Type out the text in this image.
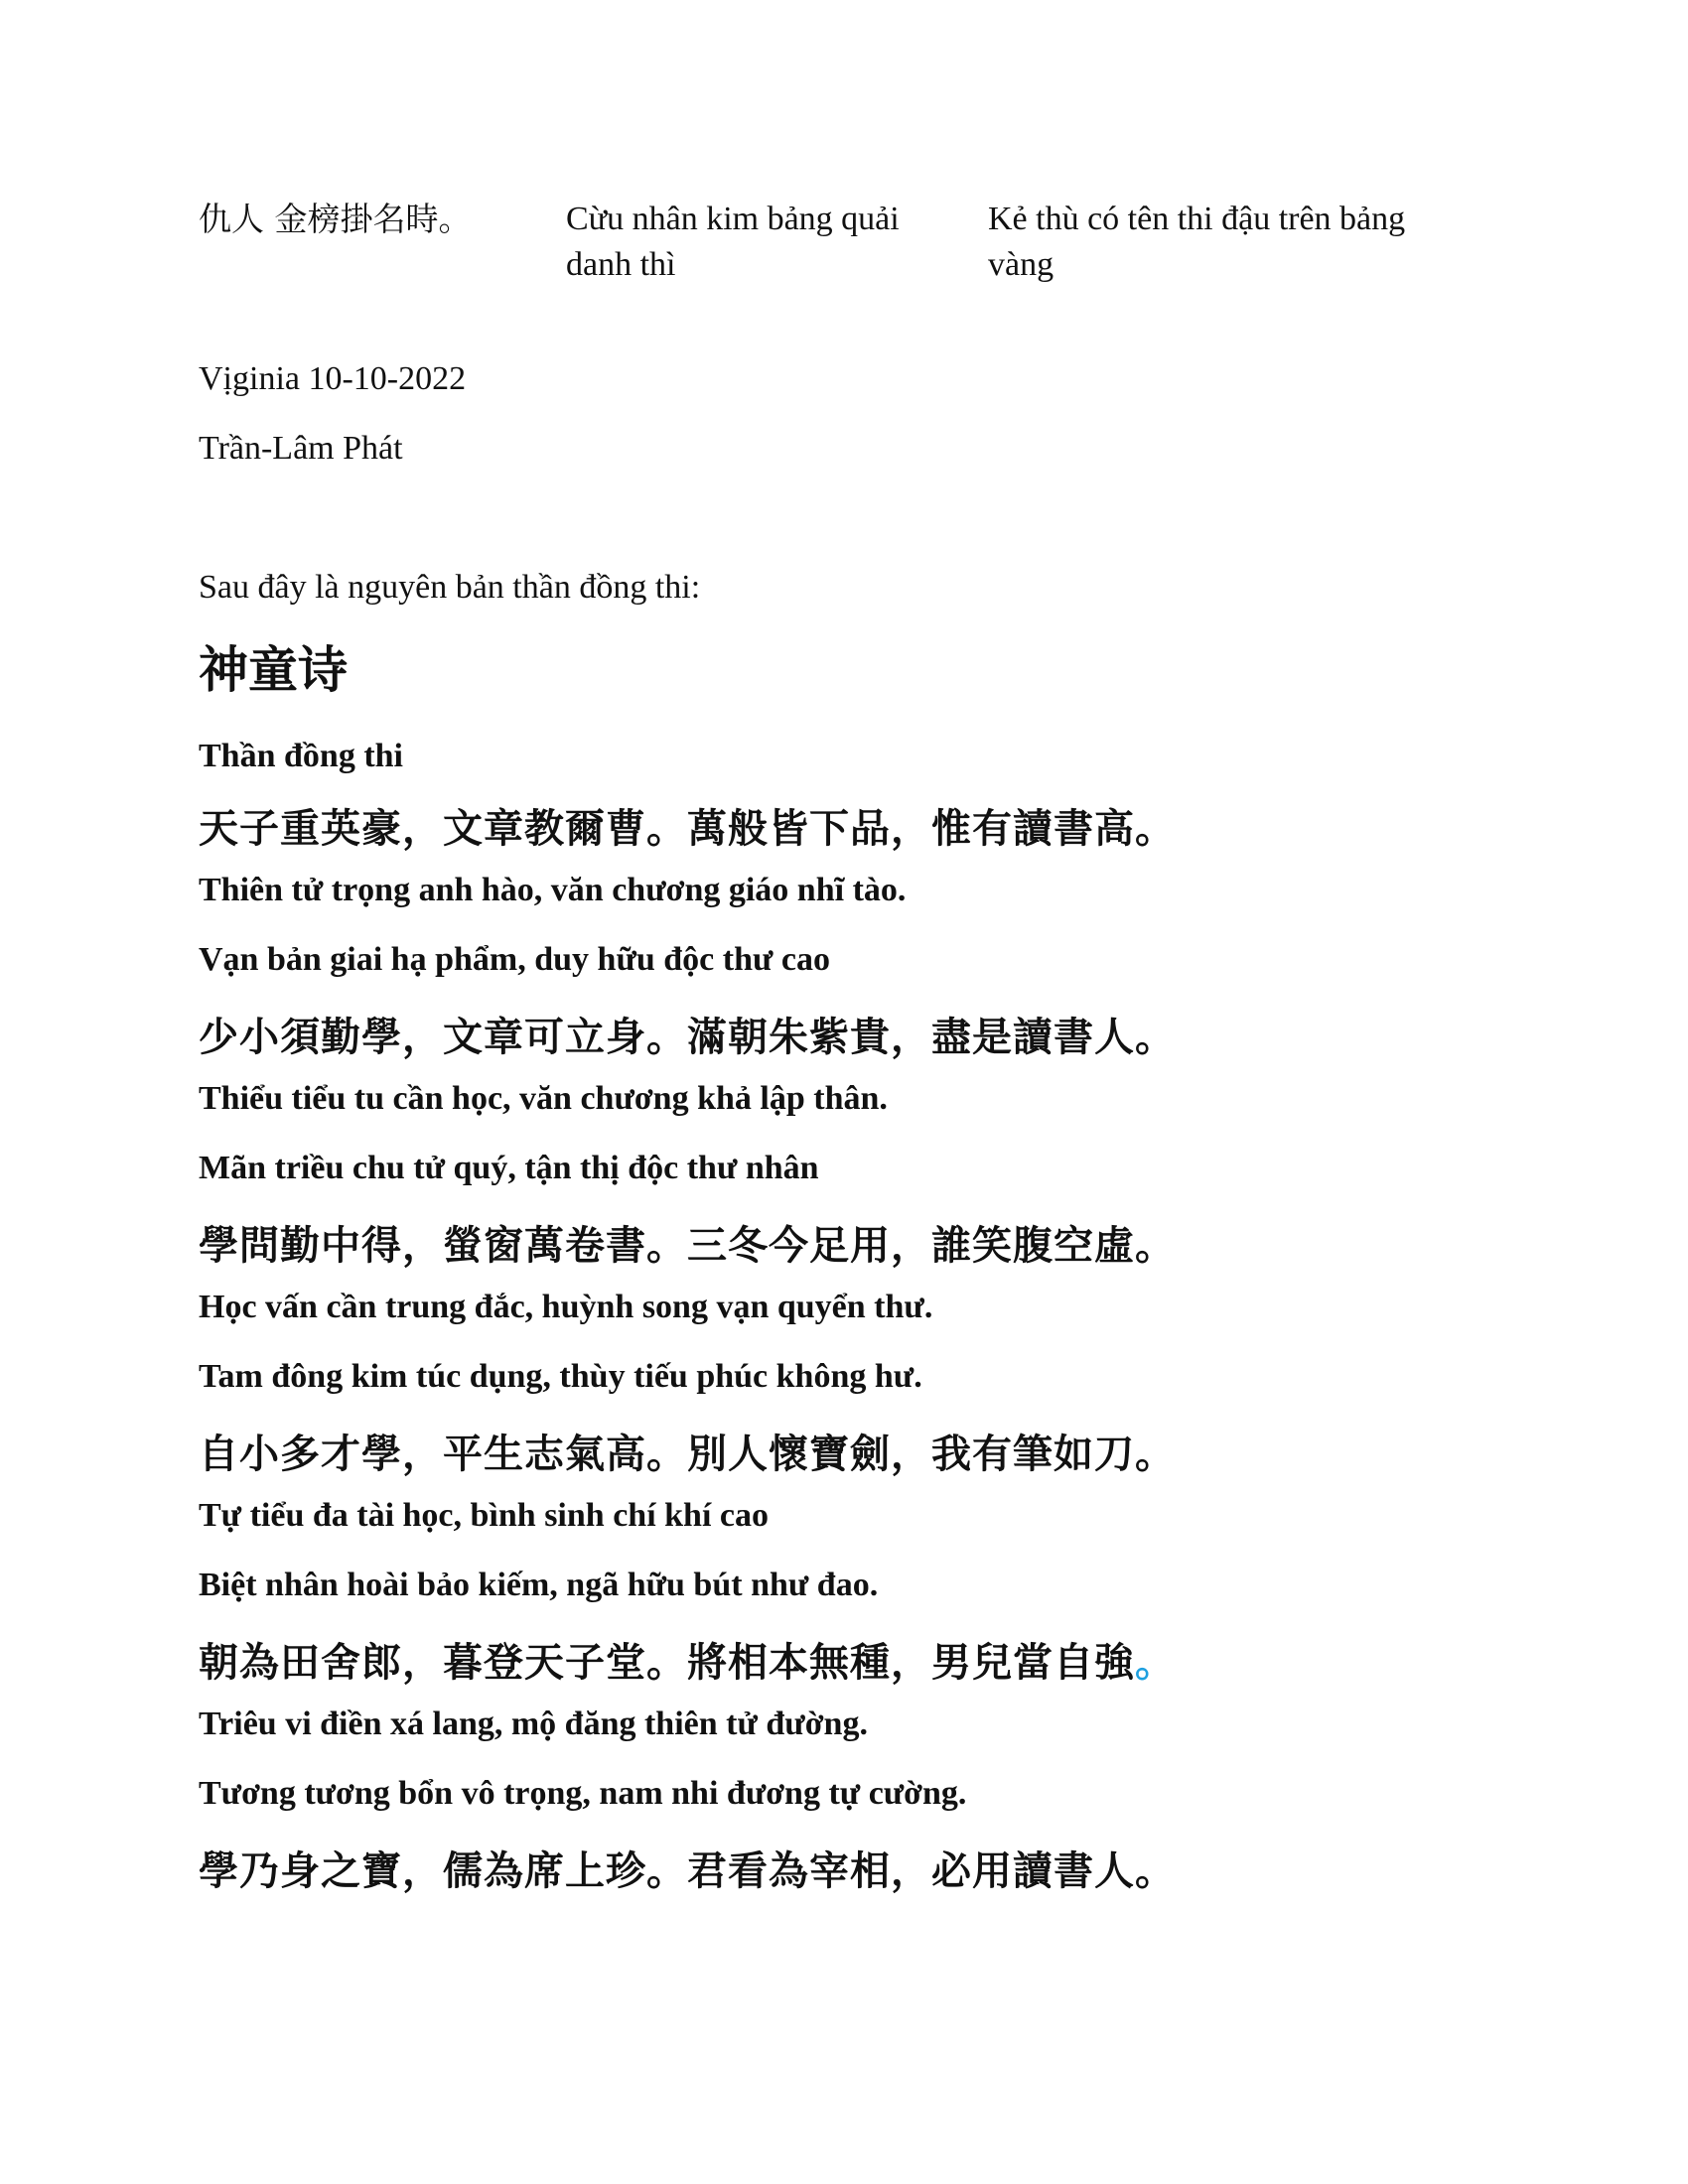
仇人 金榜掛名時。	Cừu nhân kim bảng quải danh thì
Kẻ thù có tên thi đậu trên bảng vàng
Vịginia 10-10-2022
Trần-Lâm Phát
Sau đây là nguyên bản thần đồng thi:
神童诗
Thần đồng thi
天子重英豪，文章教爾曹。萬般皆下品，惟有讀書高。
Thiên tử trọng anh hào, văn chương giáo nhĩ tào.
Vạn bản giai hạ phẩm, duy hữu độc thư cao
少小須勤學，文章可立身。滿朝朱紫貴，盡是讀書人。
Thiểu tiểu tu cần học, văn chương khả lập thân.
Mãn triều chu tử quý, tận thị độc thư nhân
學問勤中得，螢窗萬卷書。三冬今足用，誰笑腹空虛。
Học vấn cần trung đắc, huỳnh song vạn quyển thư.
Tam đông kim túc dụng, thùy tiếu phúc không hư.
自小多才學，平生志氣高。別人懷寶劍，我有筆如刀。
Tự tiểu đa tài học, bình sinh chí khí cao
Biệt nhân hoài bảo kiếm, ngã hữu bút như đao.
朝為田舍郎，暮登天子堂。將相本無種，男兒當自強。
Triêu vi điền xá lang, mộ đăng thiên tử đường.
Tương tương bổn vô trọng, nam nhi đương tự cường.
學乃身之寶，儒為席上珍。君看為宰相，必用讀書人。
